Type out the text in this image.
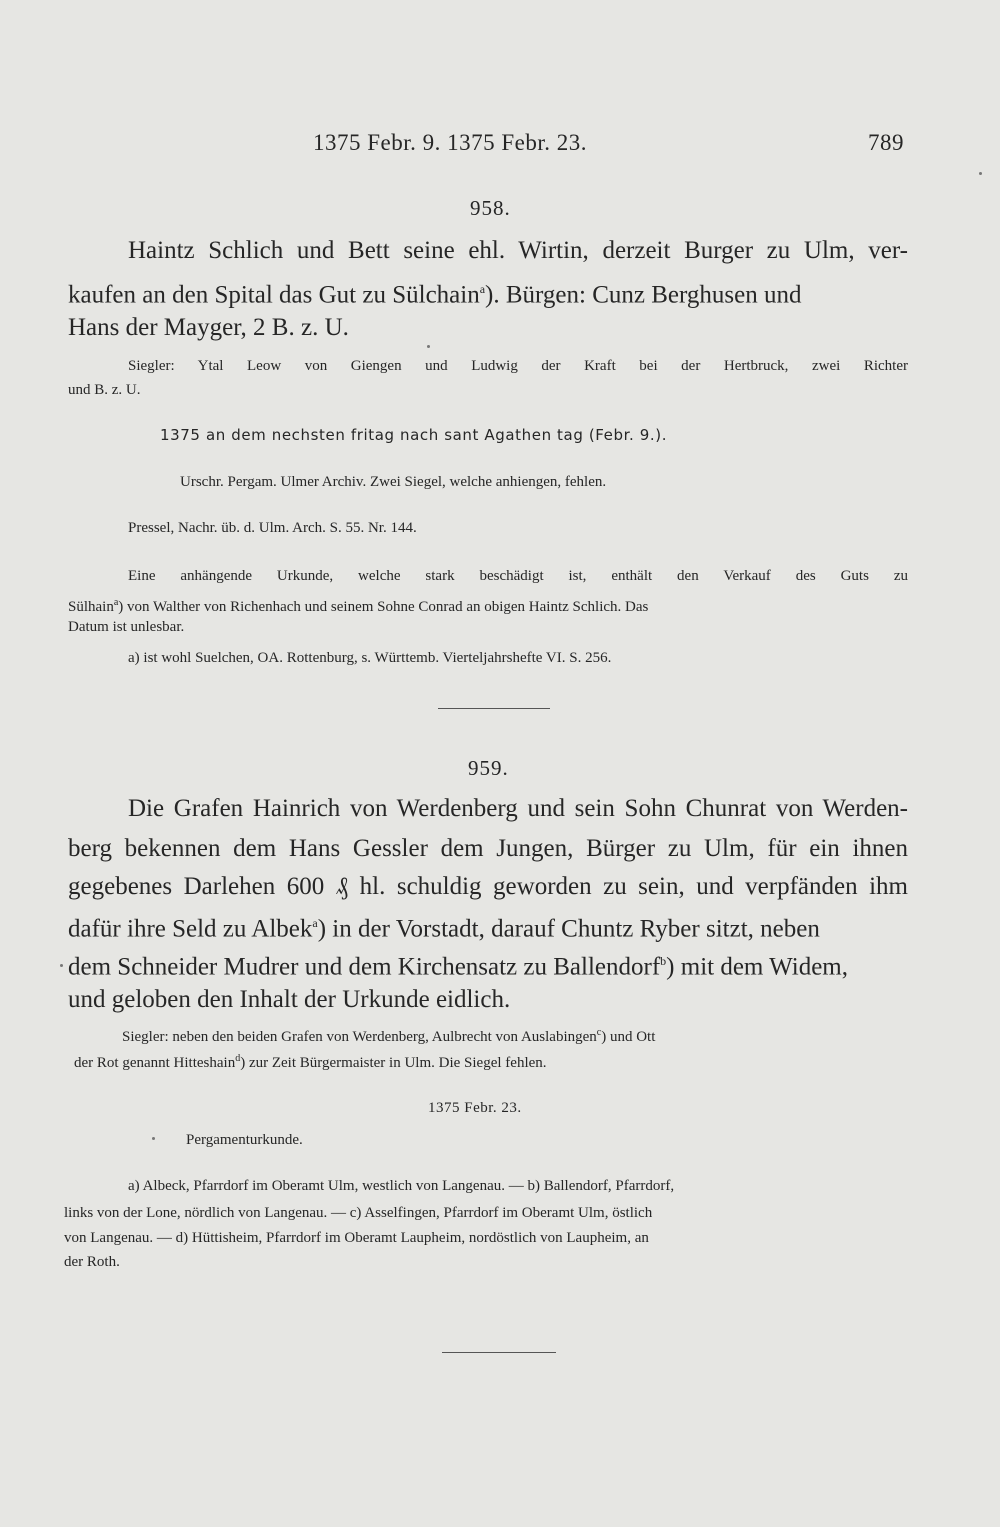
1375 Febr. 9. 1375 Febr. 23.	789
958.
Haintz Schlich und Bett seine ehl. Wirtin, derzeit Burger zu Ulm, ver-
kaufen an den Spital das Gut zu Sülchain$^a$). Bürgen: Cunz Berghusen und
Hans der Mayger, 2 B. z. U.
Siegler: Ytal Leow von Giengen und Ludwig der Kraft bei der Hertbruck, zwei Richter
und B. z. U.
1375 an dem nechsten fritag nach sant Agathen tag (Febr. 9.).
Urschr. Pergam. Ulmer Archiv. Zwei Siegel, welche anhiengen, fehlen.
Pressel, Nachr. üb. d. Ulm. Arch. S. 55. Nr. 144.
Eine anhängende Urkunde, welche stark beschädigt ist, enthält den Verkauf des Guts zu
Sülhain$^a$) von Walther von Richenhach und seinem Sohne Conrad an obigen Haintz Schlich. Das
Datum ist unlesbar.
a) ist wohl Suelchen, OA. Rottenburg, s. Württemb. Vierteljahrshefte VI. S. 256.
959.
Die Grafen Hainrich von Werdenberg und sein Sohn Chunrat von Werden-
berg bekennen dem Hans Gessler dem Jungen, Bürger zu Ulm, für ein ihnen
gegebenes Darlehen 600 ₰ hl. schuldig geworden zu sein, und verpfänden ihm
dafür ihre Seld zu Albek$^a$) in der Vorstadt, darauf Chuntz Ryber sitzt, neben
dem Schneider Mudrer und dem Kirchensatz zu Ballendorf$^b$) mit dem Widem,
und geloben den Inhalt der Urkunde eidlich.
Siegler: neben den beiden Grafen von Werdenberg, Aulbrecht von Auslabingen$^c$) und Ott
der Rot genannt Hitteshain$^d$) zur Zeit Bürgermaister in Ulm. Die Siegel fehlen.
1375 Febr. 23.
Pergamenturkunde.
a) Albeck, Pfarrdorf im Oberamt Ulm, westlich von Langenau. — b) Ballendorf, Pfarrdorf,
links von der Lone, nördlich von Langenau. — c) Asselfingen, Pfarrdorf im Oberamt Ulm, östlich
von Langenau. — d) Hüttisheim, Pfarrdorf im Oberamt Laupheim, nordöstlich von Laupheim, an
der Roth.
